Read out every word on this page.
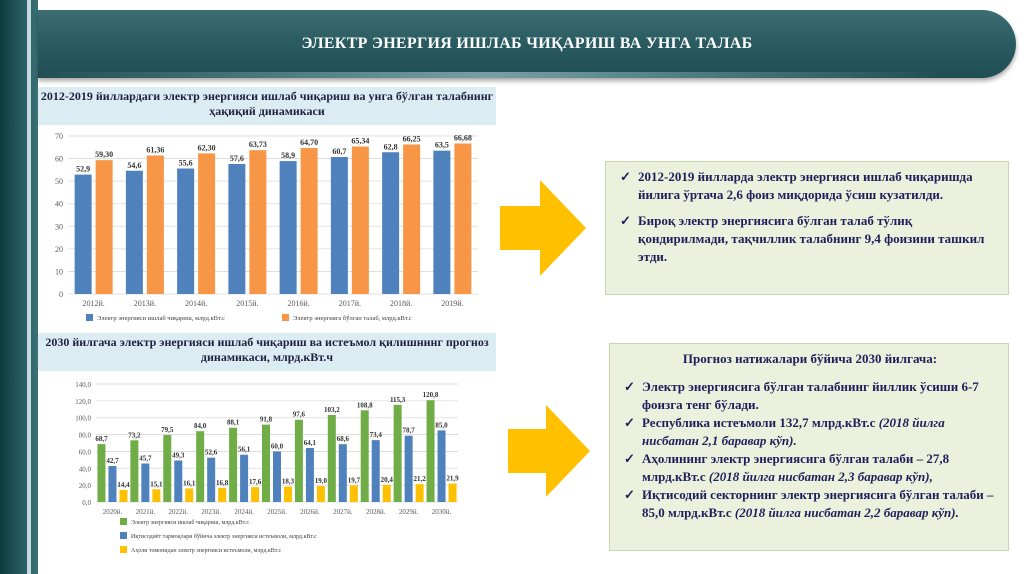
ЭЛЕКТР ЭНЕРГИЯ ИШЛАБ ЧИҚАРИШ ВА УНГА ТАЛАБ
2012-2019 йиллардаги электр энергияси ишлаб чиқариш ва унга бўлган талабнинг ҳақиқий динамикаси
0
10
20
30
40
50
60
70
52,9
59,30
2012й.
54,6
61,36
2013й.
55,6
62,30
2014й.
57,6
63,73
2015й.
58,9
64,70
2016й.
60,7
65,34
2017й.
62,8
66,25
2018й.
63,5
66,68
2019й.
Электр энергияси ишлаб чиқариш, млрд.кВт.с	Электр энергияга бўлган талаб, млрд.кВт.с
2030 йилгача электр энергияси ишлаб чиқариш ва истеъмол қилишнинг прогноз динамикаси, млрд.кВт.ч
0,0
20,0
40,0
60,0
80,0
100,0
120,0
140,0
68,7
42,7
14,4
2020й.
73,2
45,7
15,1
2021й.
79,5
49,3
16,1
2022й.
84,0
52,6
16,8
2023й.
88,1
56,1
17,6
2024й.
91,8
60,0
18,3
2025й.
97,6
64,1
19,0
2026й.
103,2
68,6
19,7
2027й.
108,8
73,4
20,4
2028й.
115,3
78,7
21,2
2029й.
120,8
85,0
21,9
2030й.
Электр энергияси ишлаб чиқариш, млрд.кВт.с
Иқтисодиёт тармоқлари бўйича электр энергияси истеъмоли, млрд.кВт.с
Аҳоли томонидан электр энергияси истеъмоли, млрд.кВт.с
✓ 2012-2019 йилларда электр энергияси ишлаб чиқаришда йилига ўртача 2,6 фоиз миқдорида ўсиш кузатилди.
✓ Бироқ электр энергиясига бўлган талаб тўлиқ қондирилмади, тақчиллик талабнинг 9,4 фоизини ташкил этди.
Прогноз натижалари бўйича 2030 йилгача:
✓ Электр энергиясига бўлган талабнинг йиллик ўсиши 6-7 фоизга тенг бўлади.
✓ Республика истеъмоли 132,7 млрд.кВт.с (2018 йилга нисбатан 2,1 баравар кўп).
✓ Аҳолининг электр энергиясига бўлган талаби – 27,8 млрд.кВт.с (2018 йилга нисбатан 2,3 баравар кўп),
✓ Иқтисодий секторнинг электр энергиясига бўлган талаби – 85,0 млрд.кВт.с (2018 йилга нисбатан 2,2 баравар кўп).
